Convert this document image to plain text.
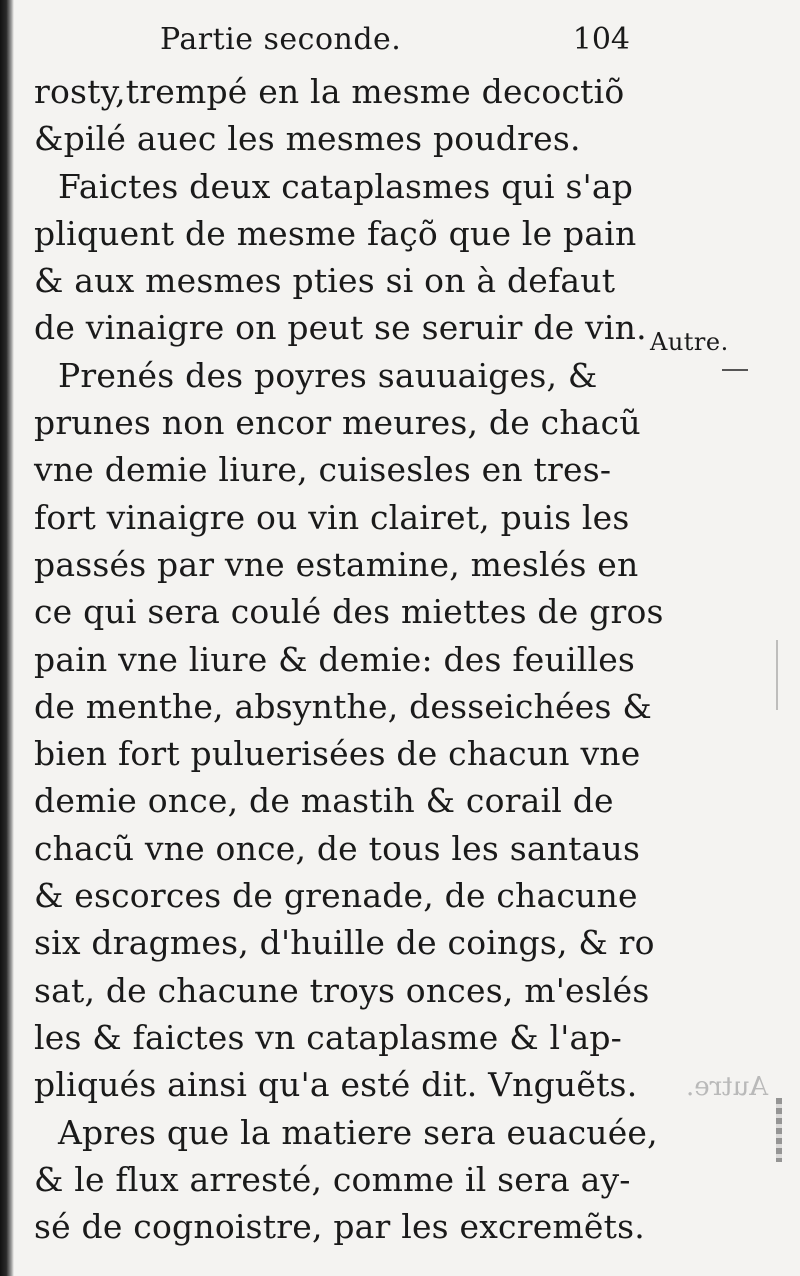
Autre.
Partie seconde.	104
Autre.
rosty,trempé en la mesme decoctiõ
&pilé auec les mesmes poudres.
Faictes deux cataplasmes qui s'ap
pliquent de mesme façõ que le pain
& aux mesmes pties si on à defaut
de vinaigre on peut se seruir de vin.
Prenés des poyres sauuaiges, &
prunes non encor meures, de chacũ
vne demie liure, cuisesles en tres-
fort vinaigre ou vin clairet, puis les
passés par vne estamine, meslés en
ce qui sera coulé des miettes de gros
pain vne liure & demie: des feuilles
de menthe, absynthe, desseichées &
bien fort puluerisées de chacun vne
demie once, de mastih & corail de
chacũ vne once, de tous les santaus
& escorces de grenade, de chacune
six dragmes, d'huille de coings, & ro
sat, de chacune troys onces, m'eslés
les & faictes vn cataplasme & l'ap-
pliqués ainsi qu'a esté dit. Vnguẽts.
Apres que la matiere sera euacuée,
& le flux arresté, comme il sera ay-
sé de cognoistre, par les excremẽts.
